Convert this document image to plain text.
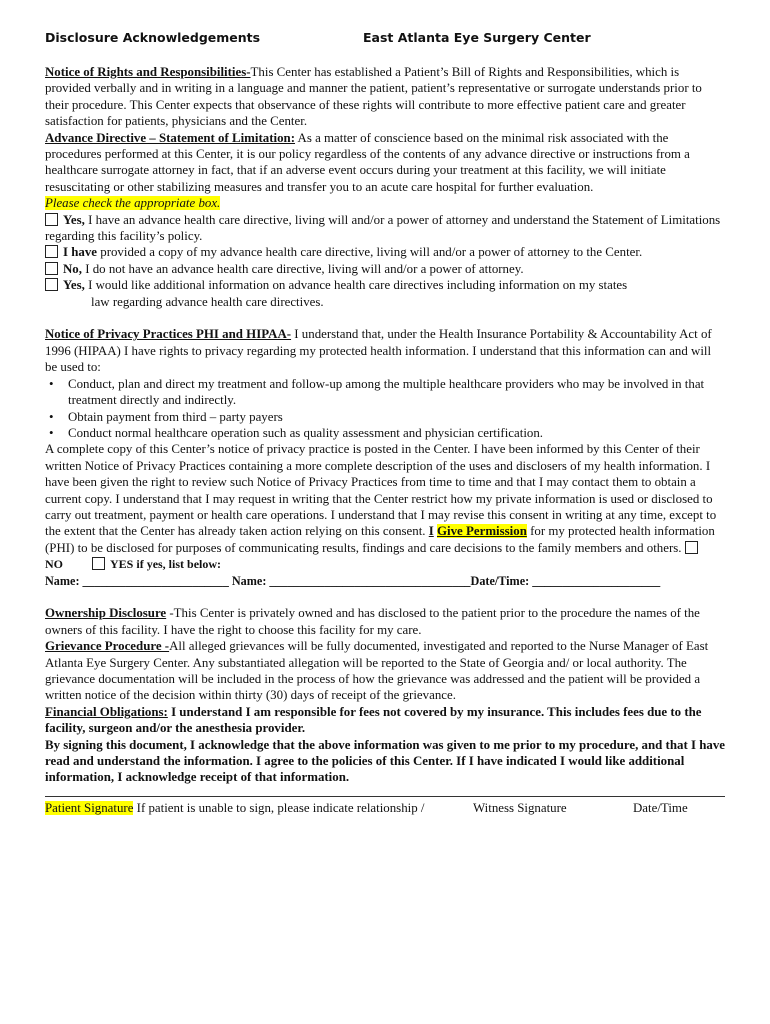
Disclosure Acknowledgements	East Atlanta Eye Surgery Center

Notice of Rights and Responsibilities-This Center has established a Patient’s Bill of Rights and Responsibilities, which is provided verbally and in writing in a language and manner the patient, patient’s representative or surrogate understands prior to their procedure. This Center expects that observance of these rights will contribute to more effective patient care and greater satisfaction for patients, physicians and the Center.

Advance Directive – Statement of Limitation: As a matter of conscience based on the minimal risk associated with the procedures performed at this Center, it is our policy regardless of the contents of any advance directive or instructions from a healthcare surrogate attorney in fact, that if an adverse event occurs during your treatment at this facility, we will initiate resuscitating or other stabilizing measures and transfer you to an acute care hospital for further evaluation.

Please check the appropriate box.

Yes, I have an advance health care directive, living will and/or a power of attorney and understand the Statement of Limitations regarding this facility’s policy.

I have provided a copy of my advance health care directive, living will and/or a power of attorney to the Center.

No, I do not have an advance health care directive, living will and/or a power of attorney.

Yes, I would like additional information on advance health care directives including information on my states

law regarding advance health care directives.

Notice of Privacy Practices PHI and HIPAA- I understand that, under the Health Insurance Portability & Accountability Act of 1996 (HIPAA) I have rights to privacy regarding my protected health information. I understand that this information can and will be used to:

• Conduct, plan and direct my treatment and follow-up among the multiple healthcare providers who may be involved in that treatment directly and indirectly.
• Obtain payment from third – party payers
• Conduct normal healthcare operation such as quality assessment and physician certification.

A complete copy of this Center’s notice of privacy practice is posted in the Center. I have been informed by this Center of their written Notice of Privacy Practices containing a more complete description of the uses and disclosers of my health information. I have been given the right to review such Notice of Privacy Practices from time to time and that I may contact them to obtain a current copy. I understand that I may request in writing that the Center restrict how my private information is used or disclosed to carry out treatment, payment or health care operations. I understand that I may revise this consent in writing at any time, except to the extent that the Center has already taken action relying on this consent. I Give Permission for my protected health information (PHI) to be disclosed for purposes of communicating results, findings and care decisions to the family members and others. NO	YES if yes, list below:

Name: ________________________ Name: _________________________________Date/Time: _____________________

Ownership Disclosure -This Center is privately owned and has disclosed to the patient prior to the procedure the names of the owners of this facility. I have the right to choose this facility for my care.

Grievance Procedure -All alleged grievances will be fully documented, investigated and reported to the Nurse Manager of East Atlanta Eye Surgery Center. Any substantiated allegation will be reported to the State of Georgia and/ or local authority. The grievance documentation will be included in the process of how the grievance was addressed and the patient will be provided a written notice of the decision within thirty (30) days of receipt of the grievance.

Financial Obligations: I understand I am responsible for fees not covered by my insurance. This includes fees due to the facility, surgeon and/or the anesthesia provider.

By signing this document, I acknowledge that the above information was given to me prior to my procedure, and that I have read and understand the information. I agree to the policies of this Center. If I have indicated I would like additional information, I acknowledge receipt of that information.

Patient Signature If patient is unable to sign, please indicate relationship /	Witness Signature	Date/Time
